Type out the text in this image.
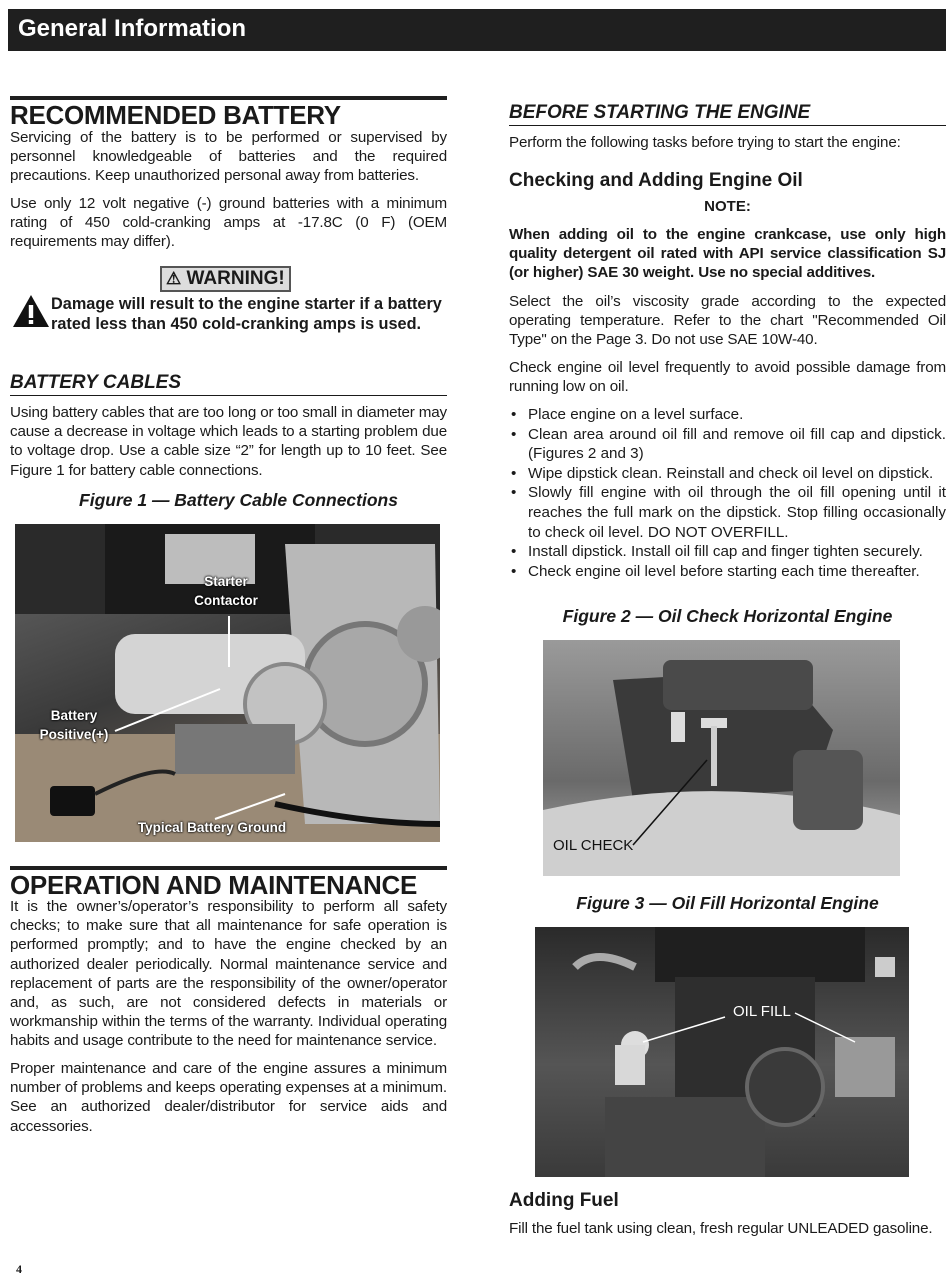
General Information
RECOMMENDED BATTERY

Servicing of the battery is to be performed or supervised by personnel knowledgeable of batteries and the required precautions. Keep unauthorized personal away from batteries.

Use only 12 volt negative (-) ground batteries with a minimum rating of 450 cold-cranking amps at -17.8C (0 F) (OEM requirements may differ).

⚠ WARNING!
Damage will result to the engine starter if a battery rated less than 450 cold-cranking amps is used.
BATTERY CABLES

Using battery cables that are too long or too small in diameter may cause a decrease in voltage which leads to a starting problem due to voltage drop. Use a cable size “2” for length up to 10 feet. See Figure 1 for battery cable connections.

Figure 1 — Battery Cable Connections
Starter Contactor
Battery Positive(+)
Typical Battery Ground
OPERATION AND MAINTENANCE

It is the owner’s/operator’s responsibility to perform all safety checks; to make sure that all maintenance for safe operation is performed promptly; and to have the engine checked by an authorized dealer periodically. Normal maintenance service and replacement of parts are the responsibility of the owner/operator and, as such, are not considered defects in materials or workmanship within the terms of the warranty. Individual operating habits and usage contribute to the need for maintenance service.

Proper maintenance and care of the engine assures a minimum number of problems and keeps operating expenses at a minimum. See an authorized dealer/distributor for service aids and accessories.

4
BEFORE STARTING THE ENGINE

Perform the following tasks before trying to start the engine:

Checking and Adding Engine Oil
NOTE:

When adding oil to the engine crankcase, use only high quality detergent oil rated with API service classification SJ (or higher) SAE 30 weight. Use no special additives.

Select the oil’s viscosity grade according to the expected operating temperature. Refer to the chart "Recommended Oil Type" on the Page 3. Do not use SAE 10W-40.

Check engine oil level frequently to avoid possible damage from running low on oil.

• Place engine on a level surface.
• Clean area around oil fill and remove oil fill cap and dipstick. (Figures 2 and 3)
• Wipe dipstick clean. Reinstall and check oil level on dipstick.
• Slowly fill engine with oil through the oil fill opening until it reaches the full mark on the dipstick. Stop filling occasionally to check oil level. DO NOT OVERFILL.
• Install dipstick. Install oil fill cap and finger tighten securely.
• Check engine oil level before starting each time thereafter.
Figure 2 — Oil Check Horizontal Engine
OIL CHECK
Figure 3 — Oil Fill Horizontal Engine
OIL FILL
Adding Fuel

Fill the fuel tank using clean, fresh regular UNLEADED gasoline.
